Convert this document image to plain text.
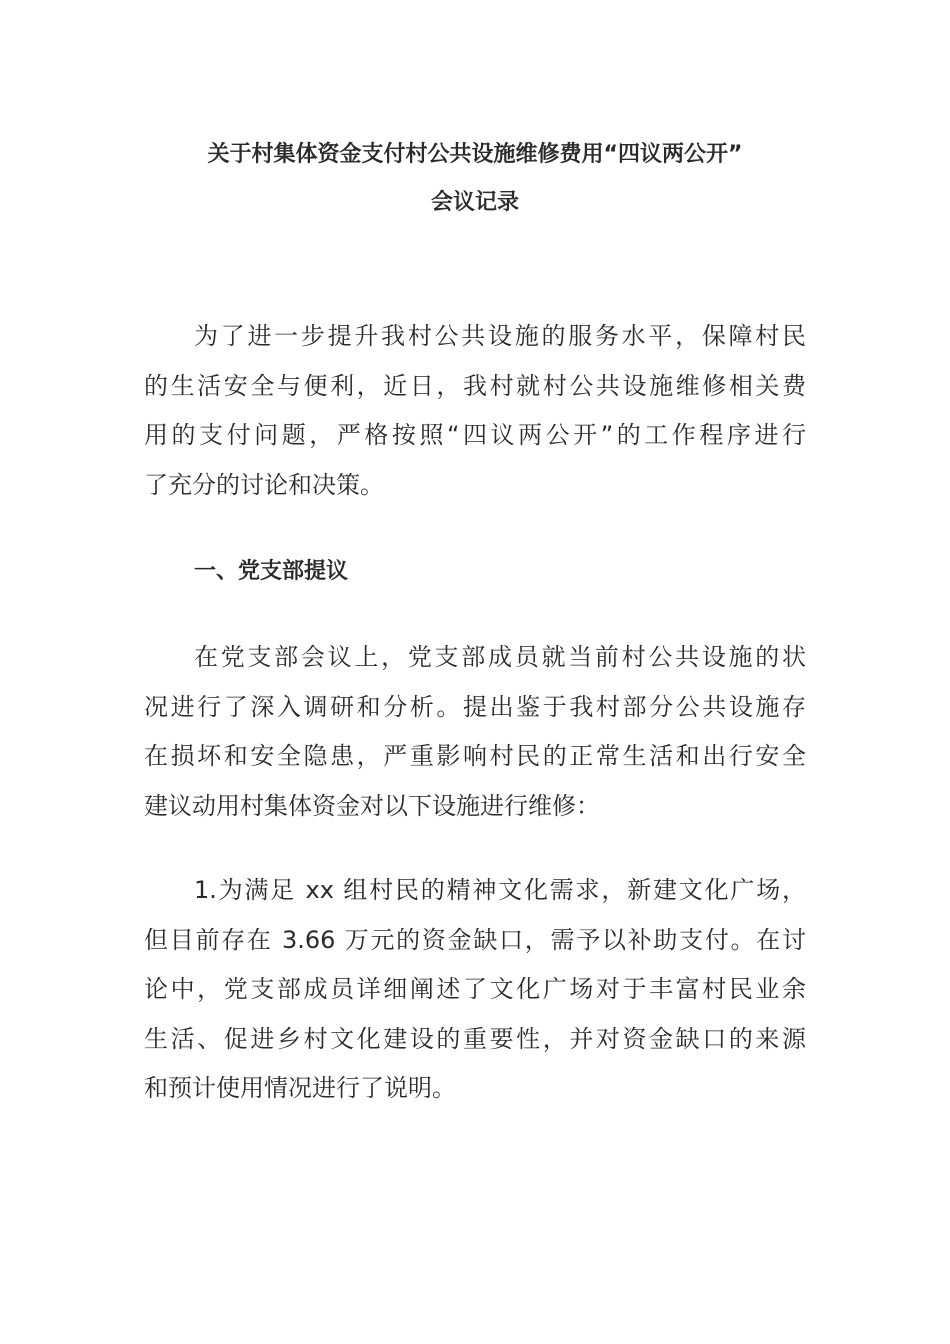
关于村集体资金支付村公共设施维修费用“四议两公开”
会议记录
为了进一步提升我村公共设施的服务水平，保障村民
的生活安全与便利，近日，我村就村公共设施维修相关费
用的支付问题，严格按照“四议两公开”的工作程序进行
了充分的讨论和决策。
一、党支部提议
在党支部会议上，党支部成员就当前村公共设施的状
况进行了深入调研和分析。提出鉴于我村部分公共设施存
在损坏和安全隐患，严重影响村民的正常生活和出行安全
建议动用村集体资金对以下设施进行维修：
1.为满足 xx 组村民的精神文化需求，新建文化广场，
但目前存在 3.66 万元的资金缺口，需予以补助支付。在讨
论中，党支部成员详细阐述了文化广场对于丰富村民业余
生活、促进乡村文化建设的重要性，并对资金缺口的来源
和预计使用情况进行了说明。
